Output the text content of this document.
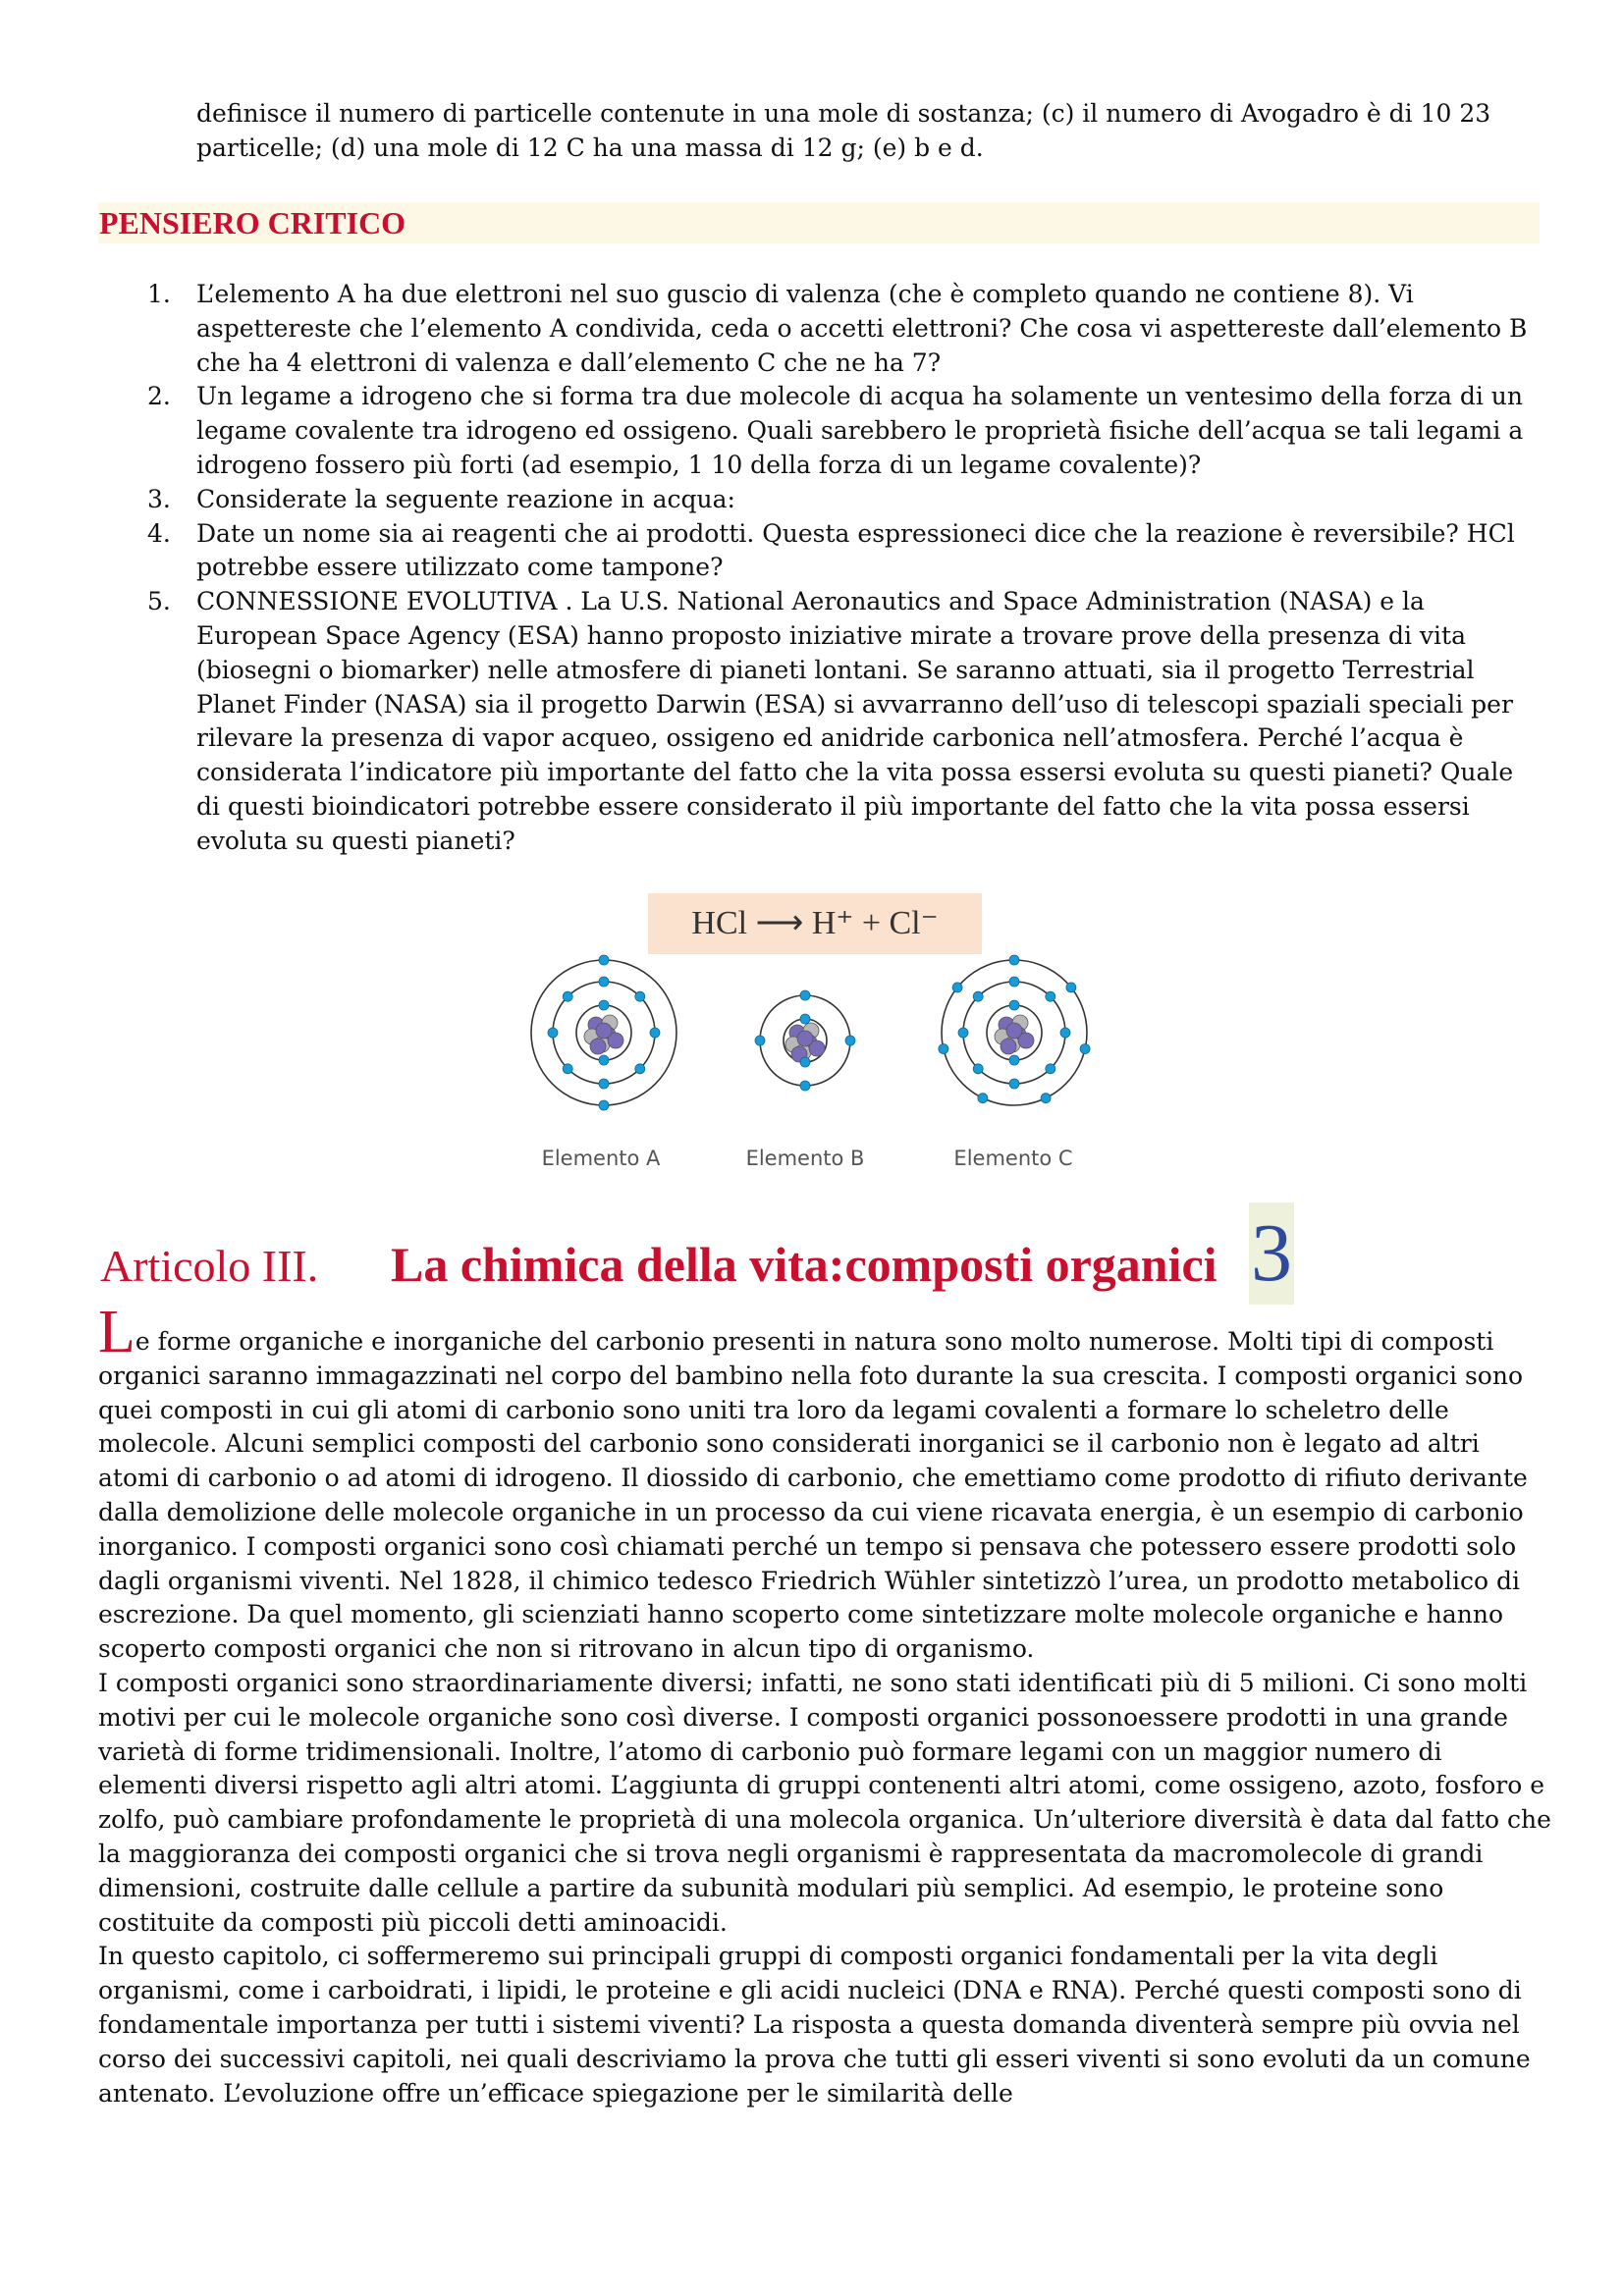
definisce il numero di particelle contenute in una mole di sostanza; (c) il numero di Avogadro è di 10 23 particelle; (d) una mole di 12 C ha una massa di 12 g; (e) b e d.

PENSIERO CRITICO
1.	L’elemento A ha due elettroni nel suo guscio di valenza (che è completo quando ne contiene 8). Vi aspettereste che l’elemento A condivida, ceda o accetti elettroni? Che cosa vi aspettereste dall’elemento B che ha 4 elettroni di valenza e dall’elemento C che ne ha 7?
2.	Un legame a idrogeno che si forma tra due molecole di acqua ha solamente un ventesimo della forza di un legame covalente tra idrogeno ed ossigeno. Quali sarebbero le proprietà fisiche dell’acqua se tali legami a idrogeno fossero più forti (ad esempio, 1 10 della forza di un legame covalente)?
3.	Considerate la seguente reazione in acqua:
4.	Date un nome sia ai reagenti che ai prodotti. Questa espressioneci dice che la reazione è reversibile? HCl potrebbe essere utilizzato come tampone?
5.	CONNESSIONE EVOLUTIVA . La U.S. National Aeronautics and Space Administration (NASA) e la European Space Agency (ESA) hanno proposto iniziative mirate a trovare prove della presenza di vita (biosegni o biomarker) nelle atmosfere di pianeti lontani. Se saranno attuati, sia il progetto Terrestrial Planet Finder (NASA) sia il progetto Darwin (ESA) si avvarranno dell’uso di telescopi spaziali speciali per rilevare la presenza di vapor acqueo, ossigeno ed anidride carbonica nell’atmosfera. Perché l’acqua è considerata l’indicatore più importante del fatto che la vita possa essersi evoluta su questi pianeti? Quale di questi bioindicatori potrebbe essere considerato il più importante del fatto che la vita possa essersi evoluta su questi pianeti?
HCl ⟶ H⁺ + Cl⁻
Elemento A	Elemento B	Elemento C
Articolo III. La chimica della vita:composti organici 3

Le forme organiche e inorganiche del carbonio presenti in natura sono molto numerose. Molti tipi di composti organici saranno immagazzinati nel corpo del bambino nella foto durante la sua crescita. I composti organici sono quei composti in cui gli atomi di carbonio sono uniti tra loro da legami covalenti a formare lo scheletro delle molecole. Alcuni semplici composti del carbonio sono considerati inorganici se il carbonio non è legato ad altri atomi di carbonio o ad atomi di idrogeno. Il diossido di carbonio, che emettiamo come prodotto di rifiuto derivante dalla demolizione delle molecole organiche in un processo da cui viene ricavata energia, è un esempio di carbonio inorganico. I composti organici sono così chiamati perché un tempo si pensava che potessero essere prodotti solo dagli organismi viventi. Nel 1828, il chimico tedesco Friedrich Wühler sintetizzò l’urea, un prodotto metabolico di escrezione. Da quel momento, gli scienziati hanno scoperto come sintetizzare molte molecole organiche e hanno scoperto composti organici che non si ritrovano in alcun tipo di organismo.

I composti organici sono straordinariamente diversi; infatti, ne sono stati identificati più di 5 milioni. Ci sono molti motivi per cui le molecole organiche sono così diverse. I composti organici possonoessere prodotti in una grande varietà di forme tridimensionali. Inoltre, l’atomo di carbonio può formare legami con un maggior numero di elementi diversi rispetto agli altri atomi. L’aggiunta di gruppi contenenti altri atomi, come ossigeno, azoto, fosforo e zolfo, può cambiare profondamente le proprietà di una molecola organica. Un’ulteriore diversità è data dal fatto che la maggioranza dei composti organici che si trova negli organismi è rappresentata da macromolecole di grandi dimensioni, costruite dalle cellule a partire da subunità modulari più semplici. Ad esempio, le proteine sono costituite da composti più piccoli detti aminoacidi.

In questo capitolo, ci soffermeremo sui principali gruppi di composti organici fondamentali per la vita degli organismi, come i carboidrati, i lipidi, le proteine e gli acidi nucleici (DNA e RNA). Perché questi composti sono di fondamentale importanza per tutti i sistemi viventi? La risposta a questa domanda diventerà sempre più ovvia nel corso dei successivi capitoli, nei quali descriviamo la prova che tutti gli esseri viventi si sono evoluti da un comune antenato. L’evoluzione offre un’efficace spiegazione per le similarità delle
